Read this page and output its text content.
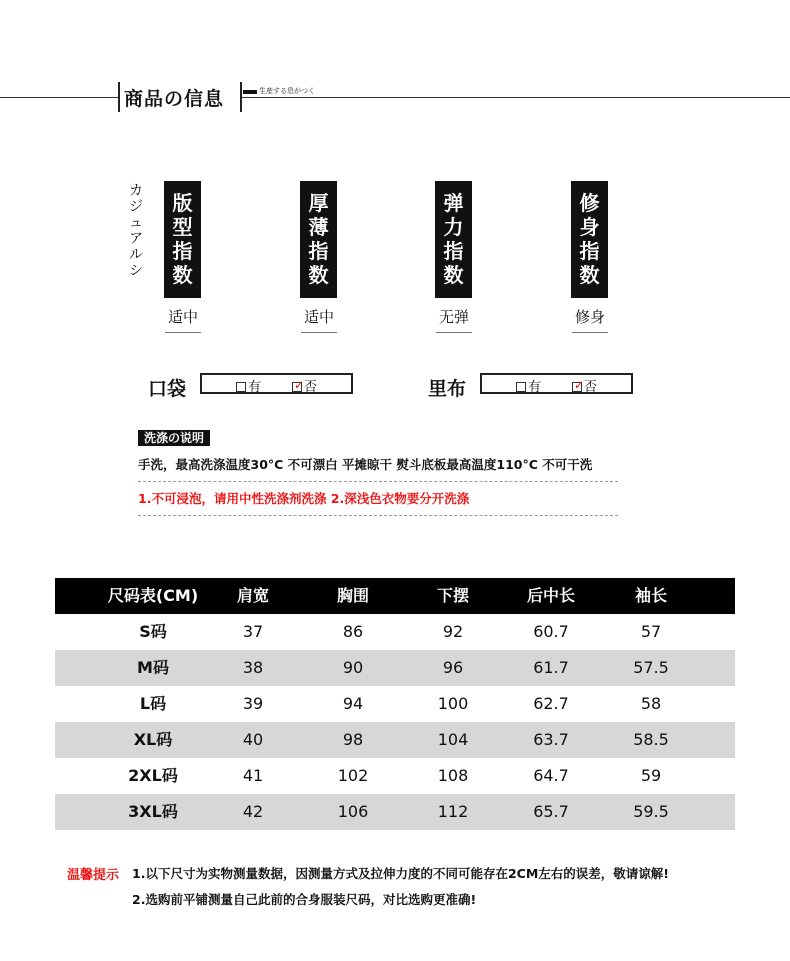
商品の信息	生産する息がつく
カ
ジ
ュ
ア
ル
シ
版
型
指
数
适中
厚
薄
指
数
适中
弹
力
指
数
无弹
修
身
指
数
修身
口袋	有	✓ 否	里布	有	✓ 否
洗涤の说明
手洗，最高洗涤温度30°C 不可漂白 平摊晾干 熨斗底板最高温度110°C 不可干洗
1.不可浸泡，请用中性洗涤剂洗涤 2.深浅色衣物要分开洗涤
尺码表(CM)	肩宽	胸围	下摆	后中长	袖长
S码	37	86	92	60.7	57
M码	38	90	96	61.7	57.5
L码	39	94	100	62.7	58
XL码	40	98	104	63.7	58.5
2XL码	41	102	108	64.7	59
3XL码	42	106	112	65.7	59.5
温馨提示 1.以下尺寸为实物测量数据，因测量方式及拉伸力度的不同可能存在2CM左右的误差，敬请谅解!
2.选购前平铺测量自己此前的合身服装尺码，对比选购更准确!
